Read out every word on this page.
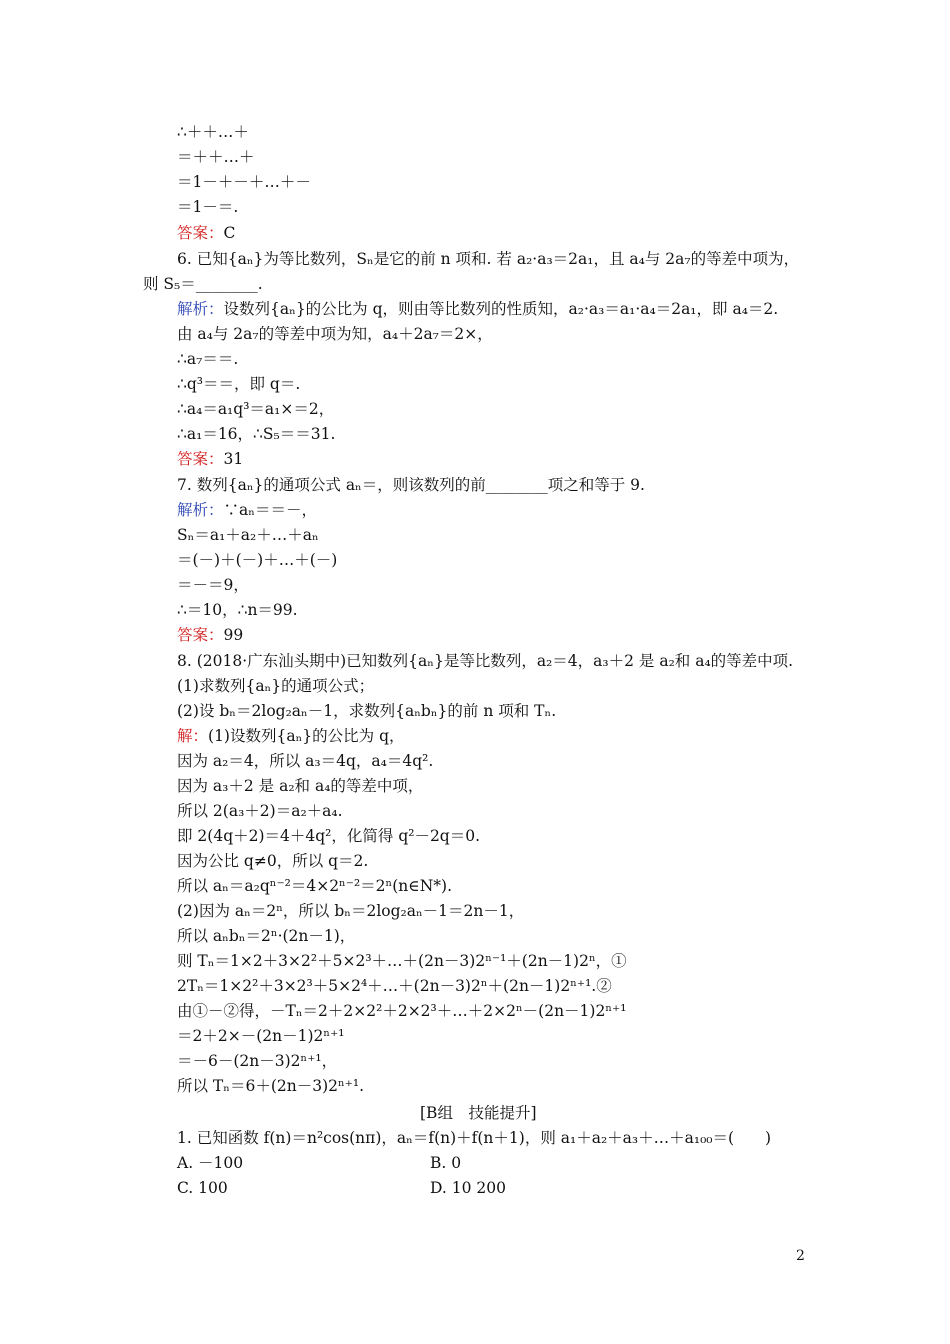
∴＋＋…＋
＝＋＋…＋
＝1－＋－＋…＋－
＝1－＝.
答案：C
6. 已知{aₙ}为等比数列，Sₙ是它的前 n 项和. 若 a₂·a₃＝2a₁，且 a₄与 2a₇的等差中项为，
则 S₅＝________.
解析：设数列{aₙ}的公比为 q，则由等比数列的性质知，a₂·a₃＝a₁·a₄＝2a₁，即 a₄＝2.
由 a₄与 2a₇的等差中项为知，a₄＋2a₇＝2×，
∴a₇＝＝.
∴q³＝＝，即 q＝.
∴a₄＝a₁q³＝a₁×＝2，
∴a₁＝16，∴S₅＝＝31.
答案：31
7. 数列{aₙ}的通项公式 aₙ＝，则该数列的前________项之和等于 9.
解析：∵aₙ＝＝－，
Sₙ＝a₁＋a₂＋…＋aₙ
＝(－)＋(－)＋…＋(－)
＝－＝9，
∴＝10，∴n＝99.
答案：99
8. (2018·广东汕头期中)已知数列{aₙ}是等比数列，a₂＝4，a₃＋2 是 a₂和 a₄的等差中项.
(1)求数列{aₙ}的通项公式；
(2)设 bₙ＝2log₂aₙ－1，求数列{aₙbₙ}的前 n 项和 Tₙ.
解：(1)设数列{aₙ}的公比为 q，
因为 a₂＝4，所以 a₃＝4q，a₄＝4q².
因为 a₃＋2 是 a₂和 a₄的等差中项，
所以 2(a₃＋2)＝a₂＋a₄.
即 2(4q＋2)＝4＋4q²，化简得 q²－2q＝0.
因为公比 q≠0，所以 q＝2.
所以 aₙ＝a₂qⁿ⁻²＝4×2ⁿ⁻²＝2ⁿ(n∈N*).
(2)因为 aₙ＝2ⁿ，所以 bₙ＝2log₂aₙ－1＝2n－1，
所以 aₙbₙ＝2ⁿ·(2n－1)，
则 Tₙ＝1×2＋3×2²＋5×2³＋…＋(2n－3)2ⁿ⁻¹＋(2n－1)2ⁿ，①
2Tₙ＝1×2²＋3×2³＋5×2⁴＋…＋(2n－3)2ⁿ＋(2n－1)2ⁿ⁺¹.②
由①－②得，－Tₙ＝2＋2×2²＋2×2³＋…＋2×2ⁿ－(2n－1)2ⁿ⁺¹
＝2＋2×－(2n－1)2ⁿ⁺¹
＝－6－(2n－3)2ⁿ⁺¹，
所以 Tₙ＝6＋(2n－3)2ⁿ⁺¹.
[B组　技能提升]
1. 已知函数 f(n)＝n²cos(nπ)，aₙ＝f(n)＋f(n＋1)，则 a₁＋a₂＋a₃＋…＋a₁₀₀＝(　　)
A. －100	B. 0
C. 100	D. 10 200
2
